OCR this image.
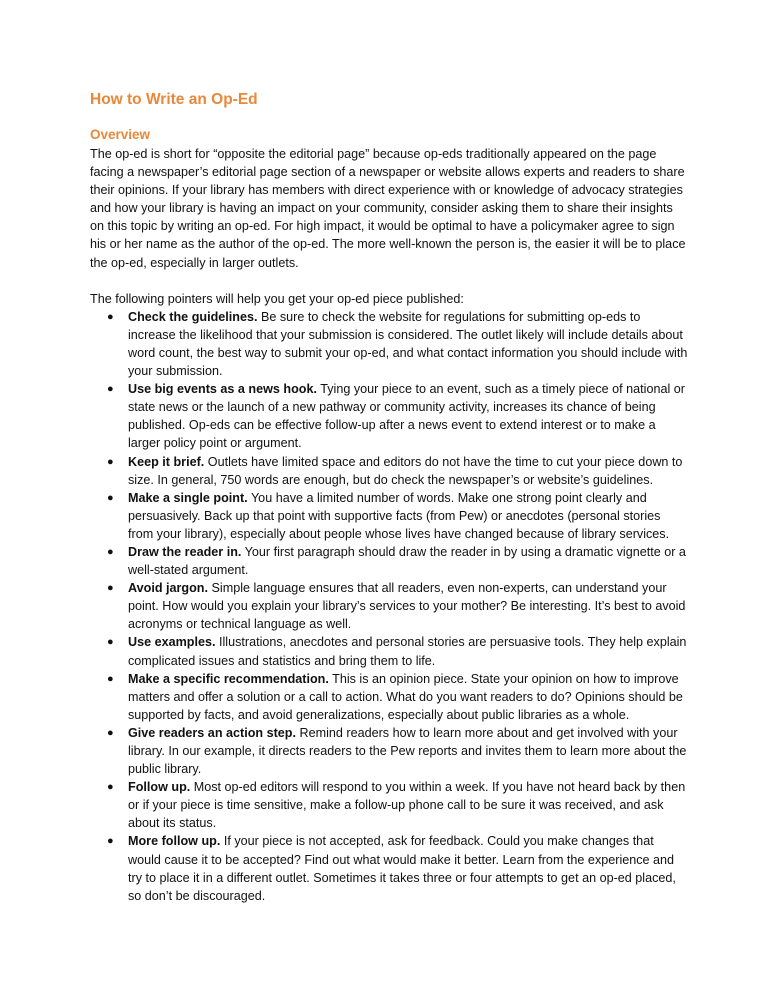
How to Write an Op-Ed
Overview

The op-ed is short for “opposite the editorial page” because op-eds traditionally appeared on the page facing a newspaper’s editorial page section of a newspaper or website allows experts and readers to share their opinions. If your library has members with direct experience with or knowledge of advocacy strategies and how your library is having an impact on your community, consider asking them to share their insights on this topic by writing an op-ed. For high impact, it would be optimal to have a policymaker agree to sign his or her name as the author of the op-ed. The more well-known the person is, the easier it will be to place the op-ed, especially in larger outlets.

The following pointers will help you get your op-ed piece published:

● Check the guidelines. Be sure to check the website for regulations for submitting op-eds to increase the likelihood that your submission is considered. The outlet likely will include details about word count, the best way to submit your op-ed, and what contact information you should include with your submission.
● Use big events as a news hook. Tying your piece to an event, such as a timely piece of national or state news or the launch of a new pathway or community activity, increases its chance of being published. Op-eds can be effective follow-up after a news event to extend interest or to make a larger policy point or argument.
● Keep it brief. Outlets have limited space and editors do not have the time to cut your piece down to size. In general, 750 words are enough, but do check the newspaper’s or website’s guidelines.
● Make a single point. You have a limited number of words. Make one strong point clearly and persuasively. Back up that point with supportive facts (from Pew) or anecdotes (personal stories from your library), especially about people whose lives have changed because of library services.
● Draw the reader in. Your first paragraph should draw the reader in by using a dramatic vignette or a well-stated argument.
● Avoid jargon. Simple language ensures that all readers, even non-experts, can understand your point. How would you explain your library’s services to your mother? Be interesting. It’s best to avoid acronyms or technical language as well.
● Use examples. Illustrations, anecdotes and personal stories are persuasive tools. They help explain complicated issues and statistics and bring them to life.
● Make a specific recommendation. This is an opinion piece. State your opinion on how to improve matters and offer a solution or a call to action. What do you want readers to do? Opinions should be supported by facts, and avoid generalizations, especially about public libraries as a whole.
● Give readers an action step. Remind readers how to learn more about and get involved with your library. In our example, it directs readers to the Pew reports and invites them to learn more about the public library.
● Follow up. Most op-ed editors will respond to you within a week. If you have not heard back by then or if your piece is time sensitive, make a follow-up phone call to be sure it was received, and ask about its status.
● More follow up. If your piece is not accepted, ask for feedback. Could you make changes that would cause it to be accepted? Find out what would make it better. Learn from the experience and try to place it in a different outlet. Sometimes it takes three or four attempts to get an op-ed placed, so don’t be discouraged.
